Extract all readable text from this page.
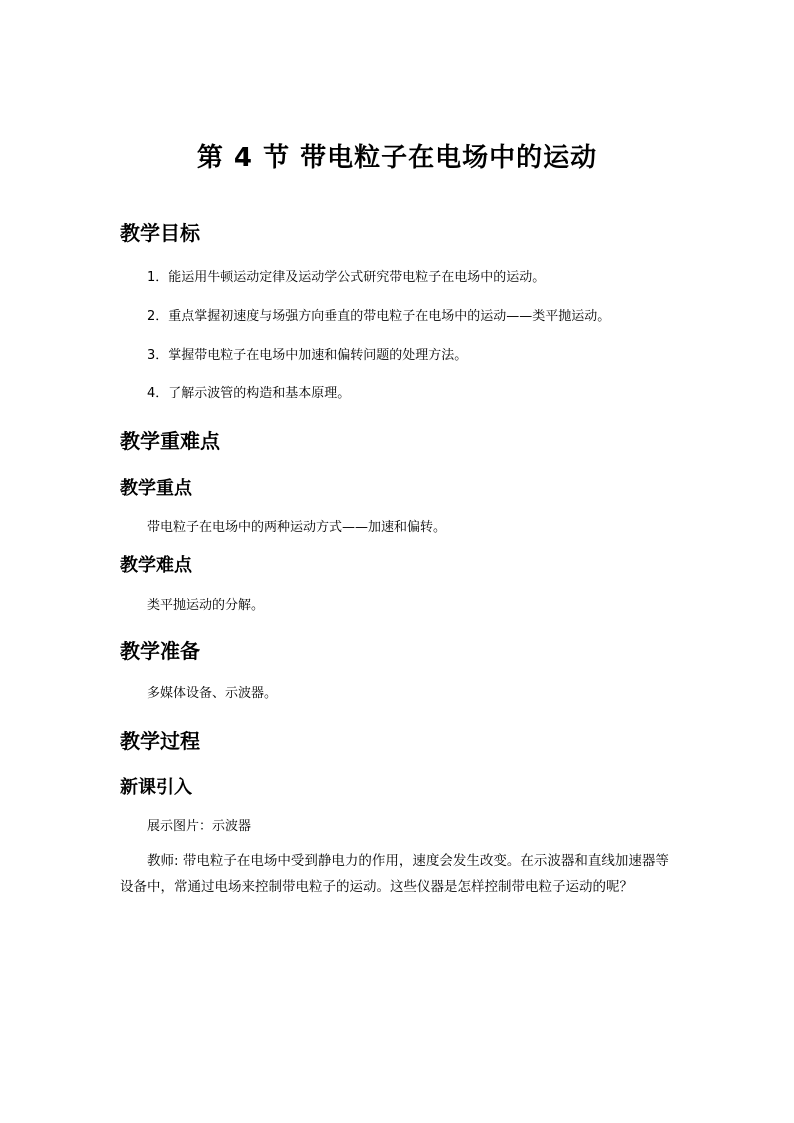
第 4 节 带电粒子在电场中的运动
教学目标
1．能运用牛顿运动定律及运动学公式研究带电粒子在电场中的运动。
2．重点掌握初速度与场强方向垂直的带电粒子在电场中的运动——类平抛运动。
3．掌握带电粒子在电场中加速和偏转问题的处理方法。
4．了解示波管的构造和基本原理。
教学重难点
教学重点
带电粒子在电场中的两种运动方式——加速和偏转。
教学难点
类平抛运动的分解。
教学准备
多媒体设备、示波器。
教学过程
新课引入
展示图片：示波器
教师: 带电粒子在电场中受到静电力的作用，速度会发生改变。在示波器和直线加速器等设备中，常通过电场来控制带电粒子的运动。这些仪器是怎样控制带电粒子运动的呢？
